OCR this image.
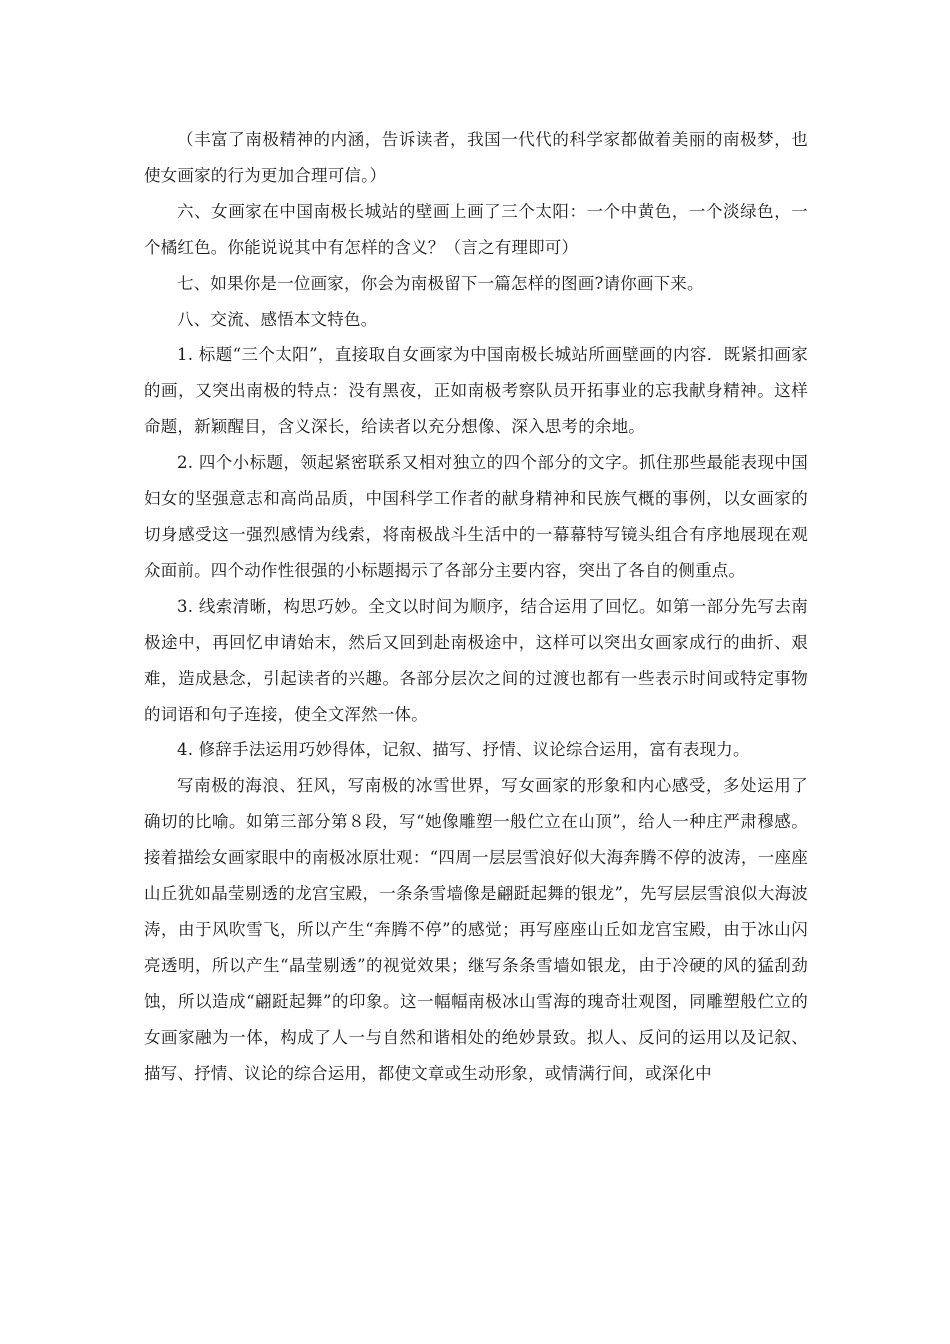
（丰富了南极精神的内涵，告诉读者，我国一代代的科学家都做着美丽的南极梦，也使女画家的行为更加合理可信。）

六、女画家在中国南极长城站的壁画上画了三个太阳：一个中黄色，一个淡绿色，一个橘红色。你能说说其中有怎样的含义？（言之有理即可）

七、如果你是一位画家，你会为南极留下一篇怎样的图画?请你画下来。

八、交流、感悟本文特色。

1. 标题“三个太阳”，直接取自女画家为中国南极长城站所画壁画的内容．既紧扣画家的画，又突出南极的特点：没有黑夜，正如南极考察队员开拓事业的忘我献身精神。这样命题，新颖醒目，含义深长，给读者以充分想像、深入思考的余地。

2. 四个小标题，领起紧密联系又相对独立的四个部分的文字。抓住那些最能表现中国妇女的坚强意志和高尚品质，中国科学工作者的献身精神和民族气概的事例，以女画家的切身感受这一强烈感情为线索，将南极战斗生活中的一幕幕特写镜头组合有序地展现在观众面前。四个动作性很强的小标题揭示了各部分主要内容，突出了各自的侧重点。

3. 线索清晰，构思巧妙。全文以时间为顺序，结合运用了回忆。如第一部分先写去南极途中，再回忆申请始末，然后又回到赴南极途中，这样可以突出女画家成行的曲折、艰难，造成悬念，引起读者的兴趣。各部分层次之间的过渡也都有一些表示时间或特定事物的词语和句子连接，使全文浑然一体。

4. 修辞手法运用巧妙得体，记叙、描写、抒情、议论综合运用，富有表现力。

写南极的海浪、狂风，写南极的冰雪世界，写女画家的形象和内心感受，多处运用了确切的比喻。如第三部分第８段，写“她像雕塑一般伫立在山顶”，给人一种庄严肃穆感。接着描绘女画家眼中的南极冰原壮观：“四周一层层雪浪好似大海奔腾不停的波涛，一座座山丘犹如晶莹剔透的龙宫宝殿，一条条雪墙像是翩跹起舞的银龙”，先写层层雪浪似大海波涛，由于风吹雪飞，所以产生“奔腾不停”的感觉；再写座座山丘如龙宫宝殿，由于冰山闪亮透明，所以产生“晶莹剔透”的视觉效果；继写条条雪墙如银龙，由于冷硬的风的猛刮劲蚀，所以造成“翩跹起舞”的印象。这一幅幅南极冰山雪海的瑰奇壮观图，同雕塑般伫立的女画家融为一体，构成了人一与自然和谐相处的绝妙景致。拟人、反问的运用以及记叙、描写、抒情、议论的综合运用，都使文章或生动形象，或情满行间，或深化中
